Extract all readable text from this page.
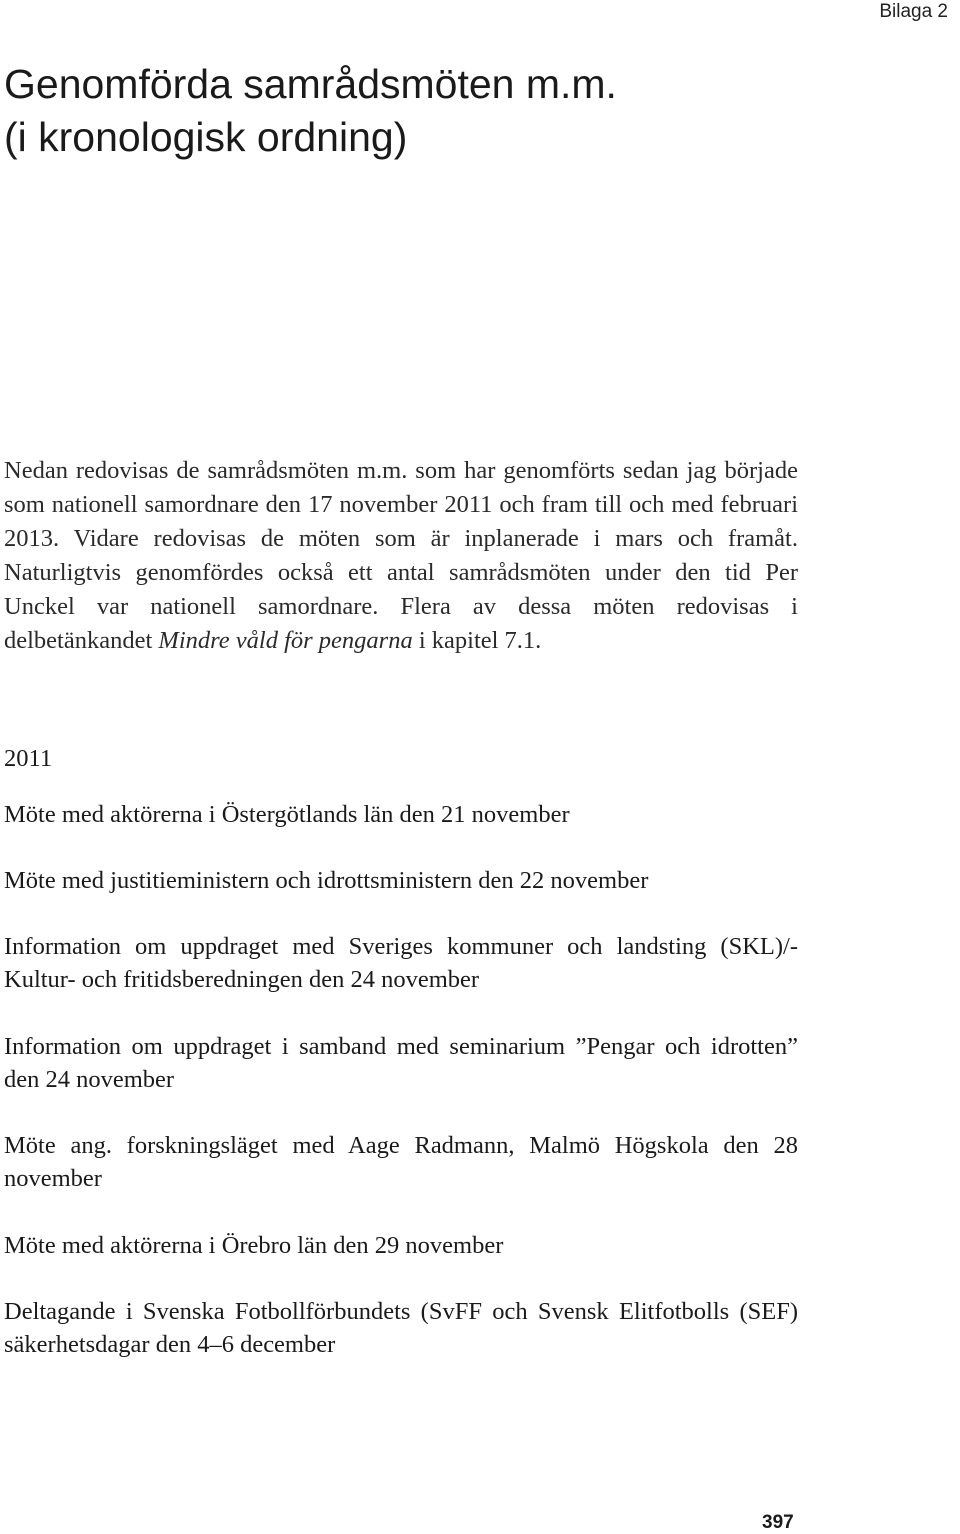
Bilaga 2
Genomförda samrådsmöten m.m.
(i kronologisk ordning)

Nedan redovisas de samrådsmöten m.m. som har genomförts sedan jag började som nationell samordnare den 17 november 2011 och fram till och med februari 2013. Vidare redovisas de möten som är inplanerade i mars och framåt. Naturligtvis genomfördes också ett antal samrådsmöten under den tid Per Unckel var nationell samordnare. Flera av dessa möten redovisas i delbetänkandet Mindre våld för pengarna i kapitel 7.1.

2011

Möte med aktörerna i Östergötlands län den 21 november

Möte med justitieministern och idrottsministern den 22 november

Information om uppdraget med Sveriges kommuner och landsting (SKL)/-Kultur- och fritidsberedningen den 24 november

Information om uppdraget i samband med seminarium ”Pengar och idrotten” den 24 november

Möte ang. forskningsläget med Aage Radmann, Malmö Högskola den 28 november

Möte med aktörerna i Örebro län den 29 november

Deltagande i Svenska Fotbollförbundets (SvFF och Svensk Elitfotbolls (SEF) säkerhetsdagar den 4–6 december

397
